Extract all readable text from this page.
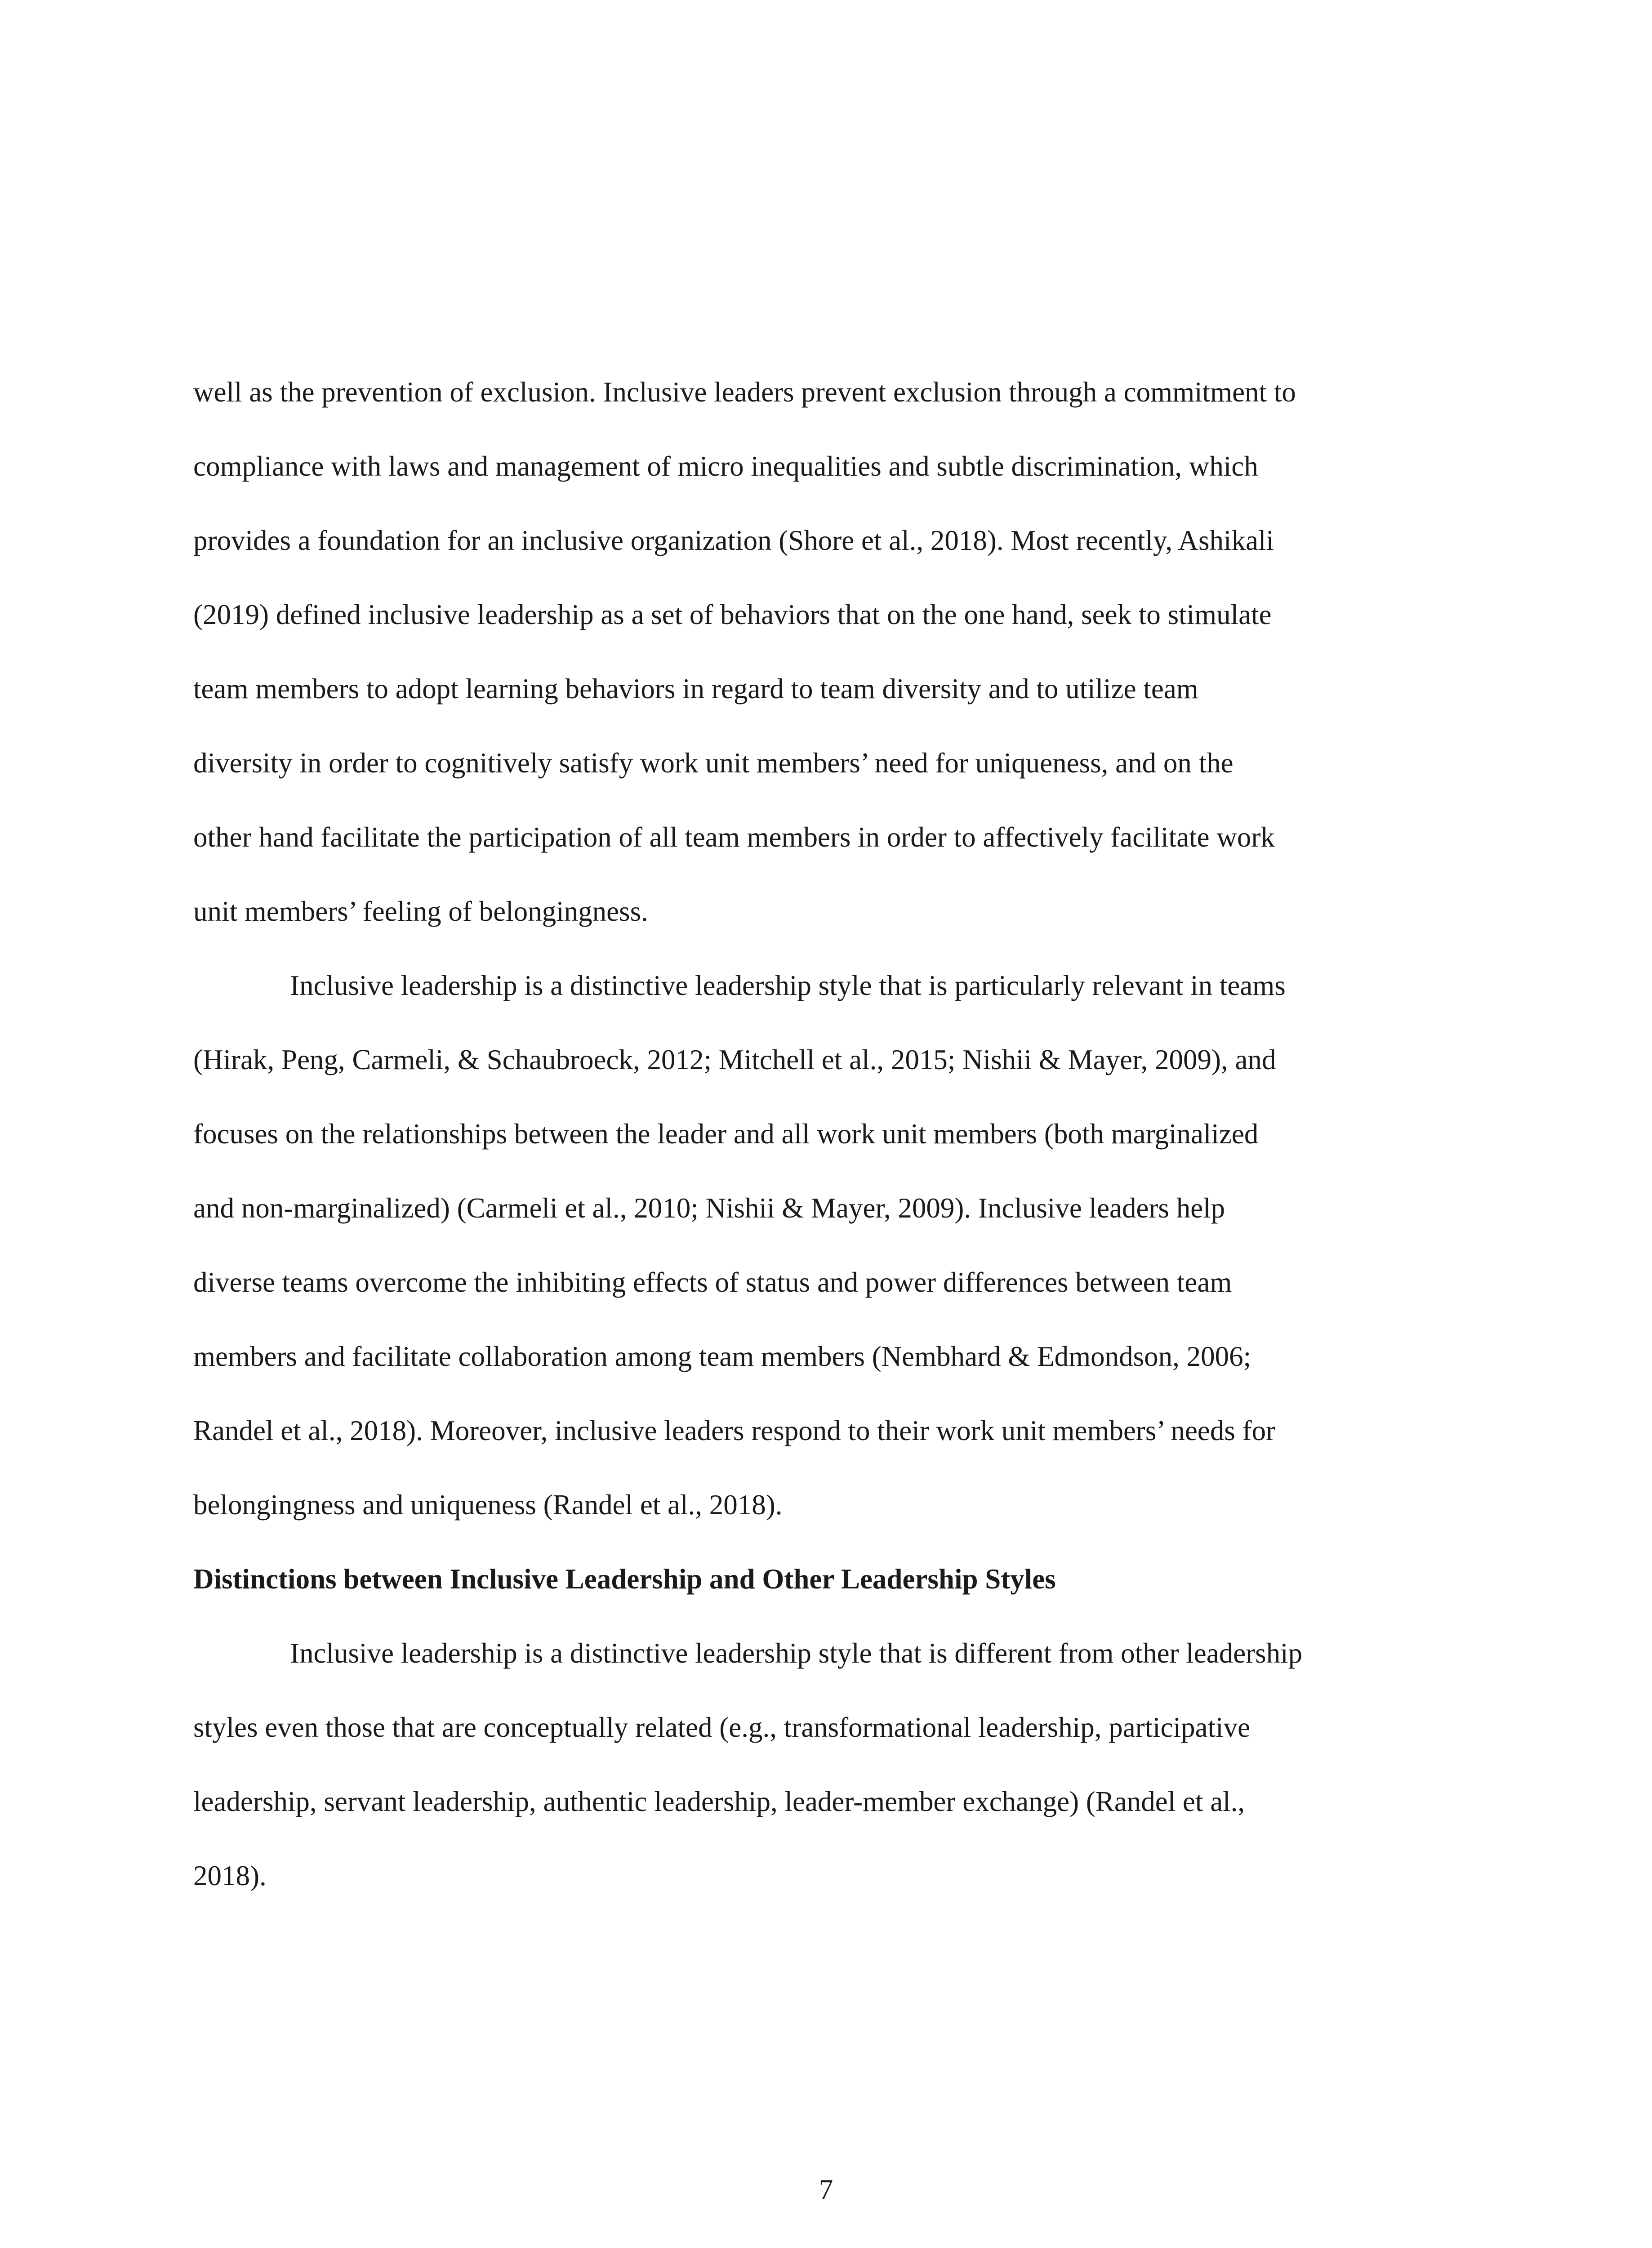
well as the prevention of exclusion. Inclusive leaders prevent exclusion through a commitment to
compliance with laws and management of micro inequalities and subtle discrimination, which
provides a foundation for an inclusive organization (Shore et al., 2018). Most recently, Ashikali
(2019) defined inclusive leadership as a set of behaviors that on the one hand, seek to stimulate
team members to adopt learning behaviors in regard to team diversity and to utilize team
diversity in order to cognitively satisfy work unit members’ need for uniqueness, and on the
other hand facilitate the participation of all team members in order to affectively facilitate work
unit members’ feeling of belongingness.
Inclusive leadership is a distinctive leadership style that is particularly relevant in teams
(Hirak, Peng, Carmeli, & Schaubroeck, 2012; Mitchell et al., 2015; Nishii & Mayer, 2009), and
focuses on the relationships between the leader and all work unit members (both marginalized
and non-marginalized) (Carmeli et al., 2010; Nishii & Mayer, 2009). Inclusive leaders help
diverse teams overcome the inhibiting effects of status and power differences between team
members and facilitate collaboration among team members (Nembhard & Edmondson, 2006;
Randel et al., 2018). Moreover, inclusive leaders respond to their work unit members’ needs for
belongingness and uniqueness (Randel et al., 2018).
Distinctions between Inclusive Leadership and Other Leadership Styles
Inclusive leadership is a distinctive leadership style that is different from other leadership
styles even those that are conceptually related (e.g., transformational leadership, participative
leadership, servant leadership, authentic leadership, leader-member exchange) (Randel et al.,
2018).
7
